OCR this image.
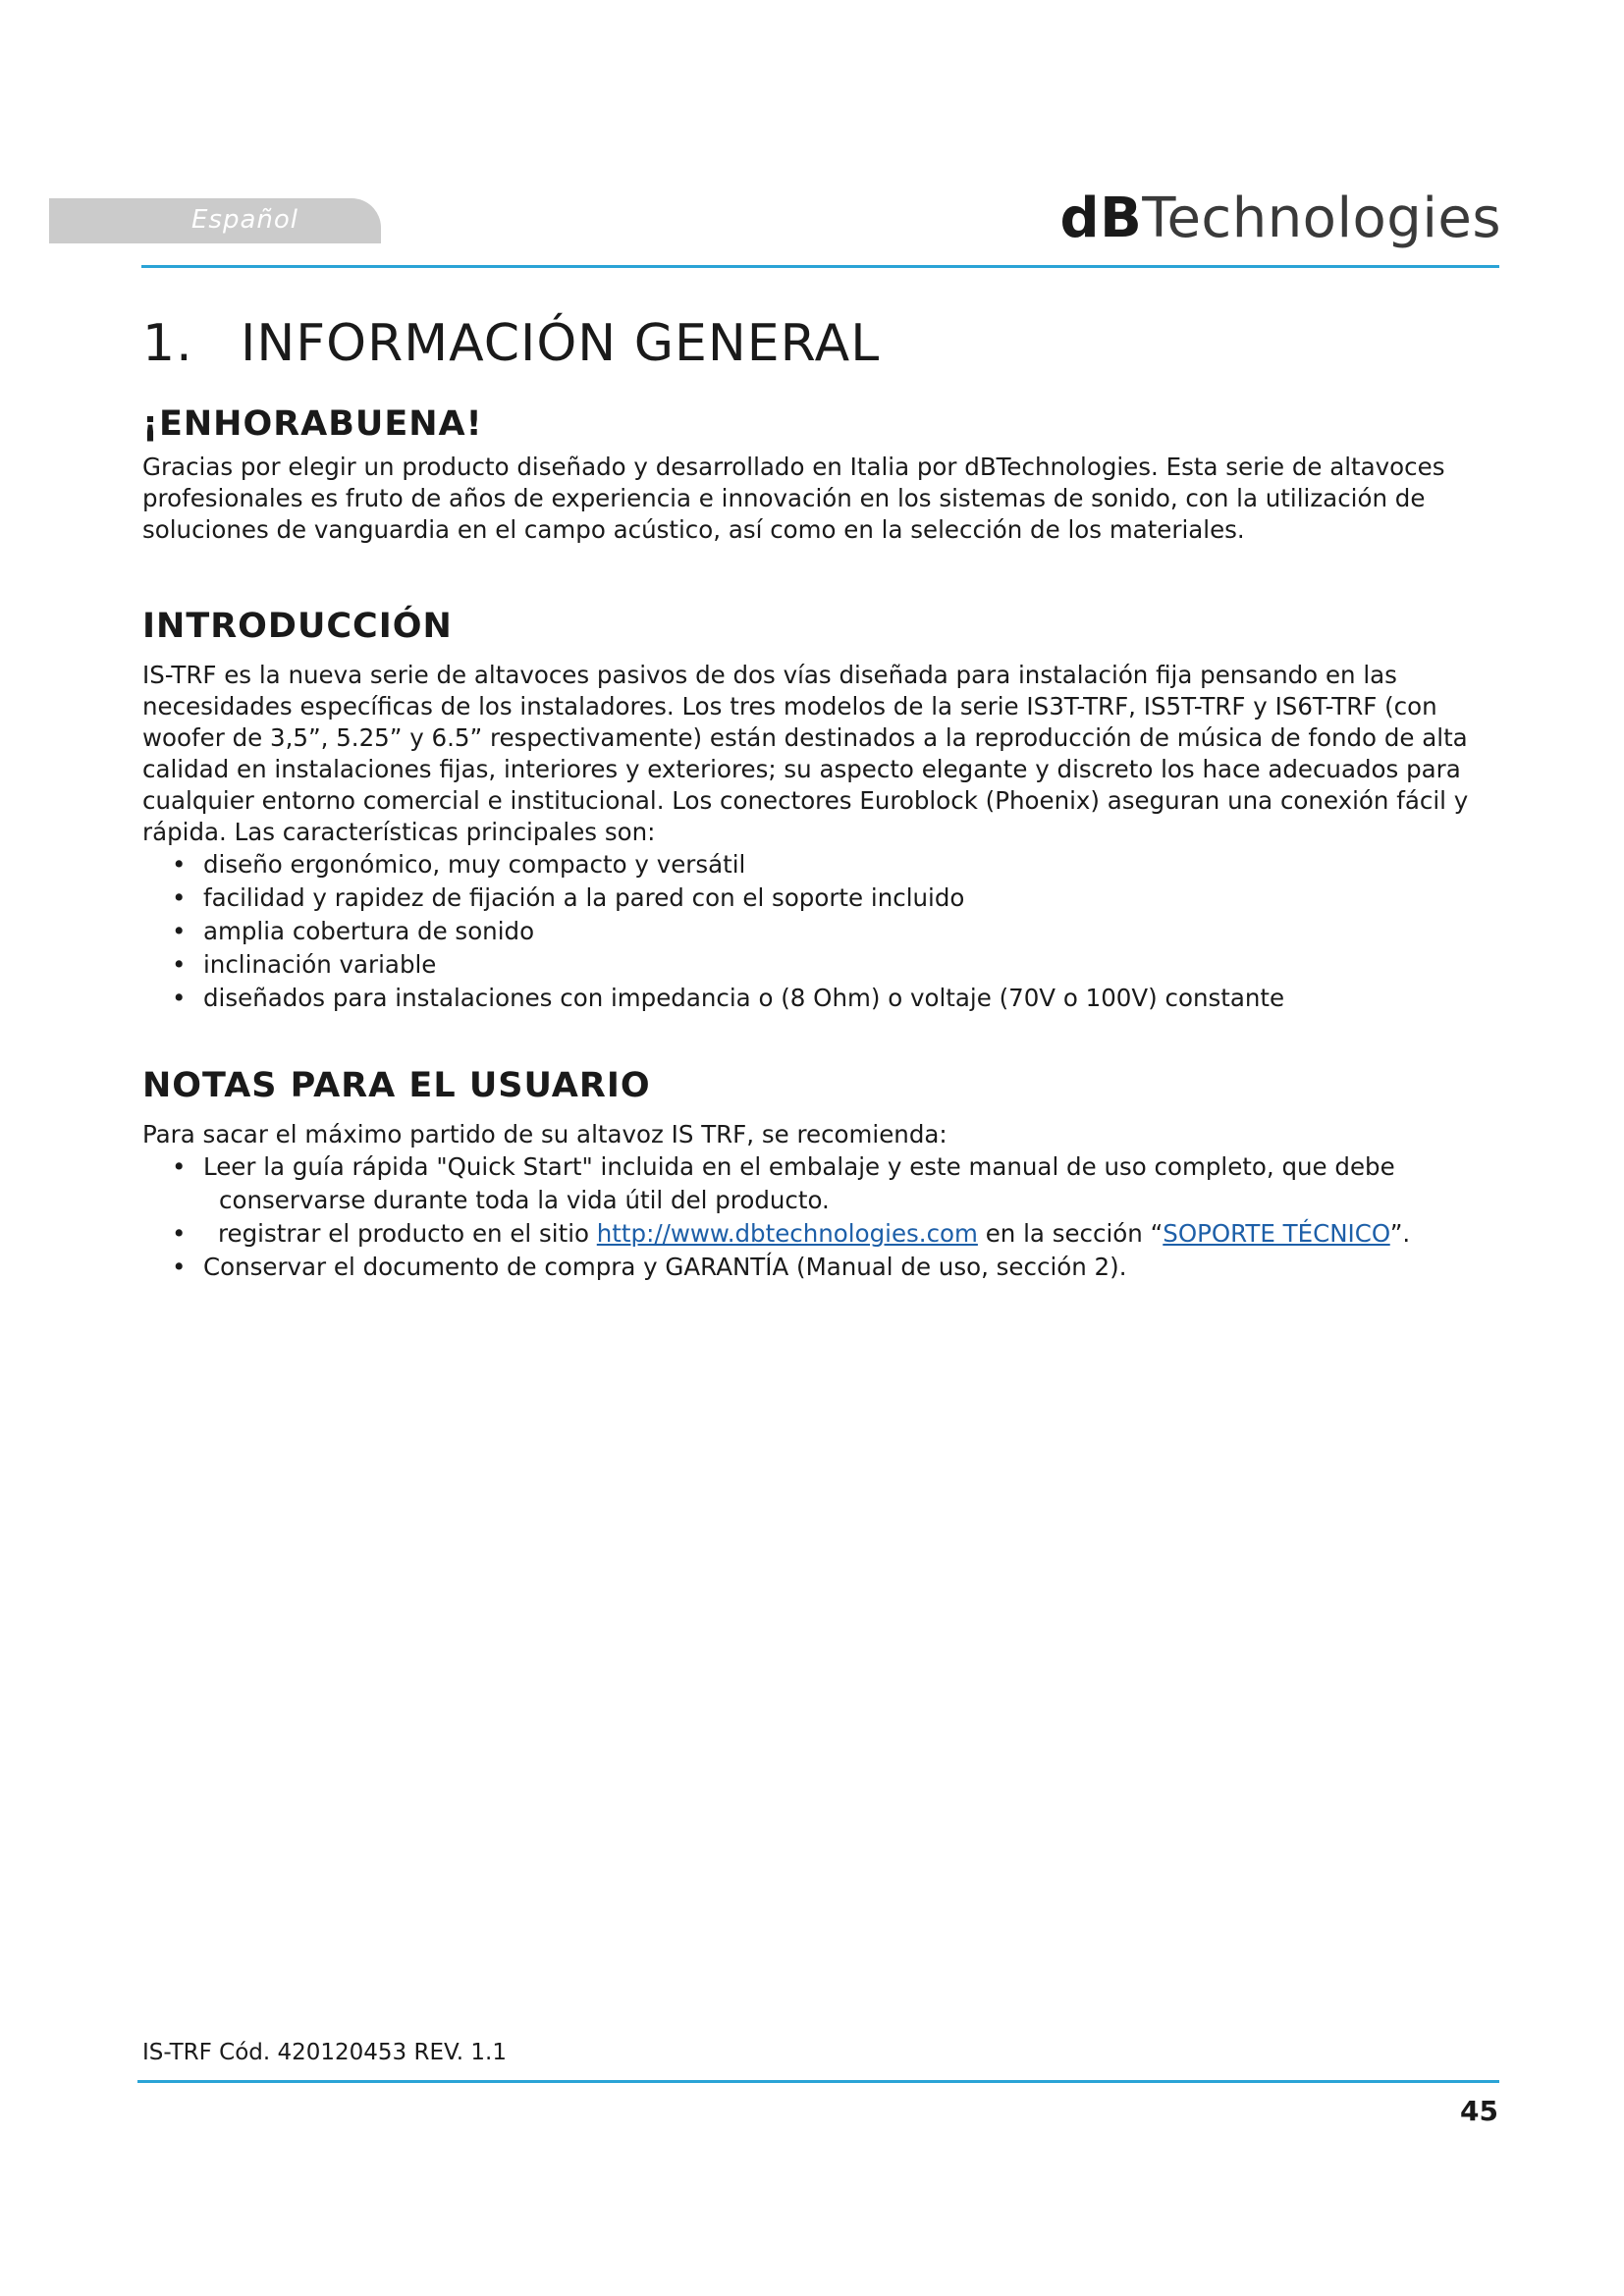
Español	dBTechnologies
1. INFORMACIÓN GENERAL
¡ENHORABUENA!

Gracias por elegir un producto diseñado y desarrollado en Italia por dBTechnologies. Esta serie de altavoces profesionales es fruto de años de experiencia e innovación en los sistemas de sonido, con la utilización de soluciones de vanguardia en el campo acústico, así como en la selección de los materiales.

INTRODUCCIÓN

IS-TRF es la nueva serie de altavoces pasivos de dos vías diseñada para instalación fija pensando en las necesidades específicas de los instaladores. Los tres modelos de la serie IS3T-TRF, IS5T-TRF y IS6T-TRF (con woofer de 3,5”, 5.25” y 6.5” respectivamente) están destinados a la reproducción de música de fondo de alta calidad en instalaciones fijas, interiores y exteriores; su aspecto elegante y discreto los hace adecuados para cualquier entorno comercial e institucional. Los conectores Euroblock (Phoenix) aseguran una conexión fácil y rápida. Las características principales son:

• diseño ergonómico, muy compacto y versátil
• facilidad y rapidez de fijación a la pared con el soporte incluido
• amplia cobertura de sonido
• inclinación variable
• diseñados para instalaciones con impedancia o (8 Ohm) o voltaje (70V o 100V) constante
NOTAS PARA EL USUARIO

Para sacar el máximo partido de su altavoz IS TRF, se recomienda:

• Leer la guía rápida "Quick Start" incluida en el embalaje y este manual de uso completo, que debe
conservarse durante toda la vida útil del producto.
• registrar el producto en el sitio http://www.dbtechnologies.com en la sección “SOPORTE TÉCNICO”.
• Conservar el documento de compra y GARANTÍA (Manual de uso, sección 2).
IS-TRF Cód. 420120453 REV. 1.1
45
